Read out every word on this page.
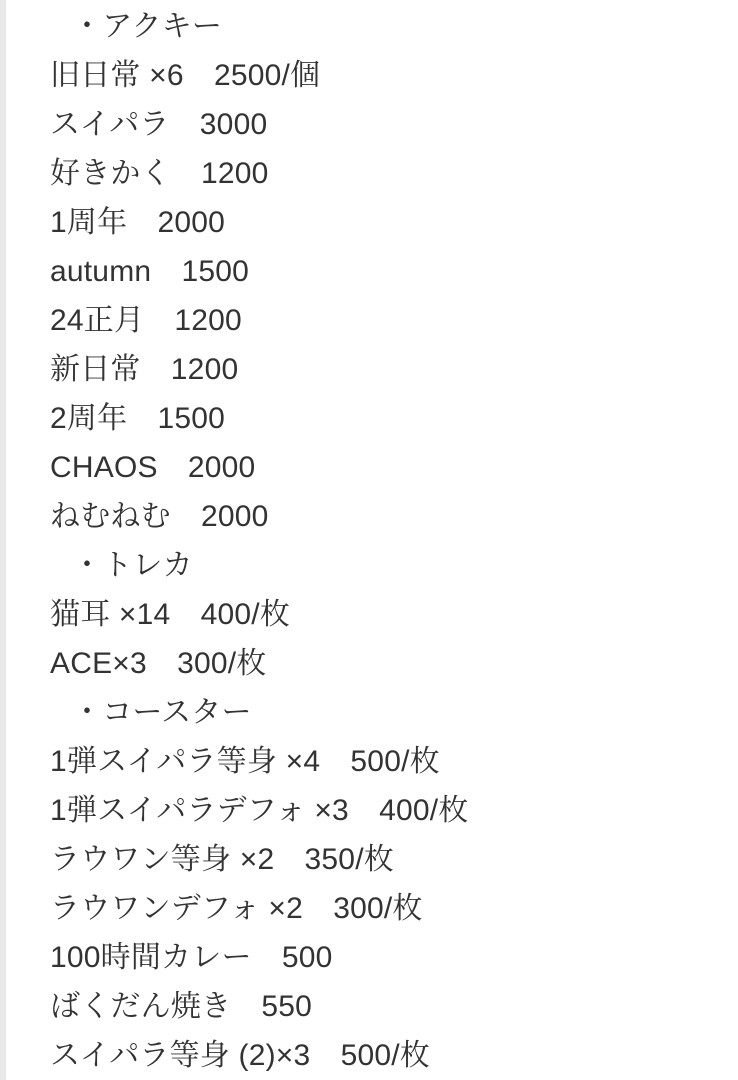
・アクキー
旧日常 ×6　2500/個
スイパラ　3000
好きかく　1200
1周年　2000
autumn　1500
24正月　1200
新日常　1200
2周年　1500
CHAOS　2000
ねむねむ　2000
・トレカ
猫耳 ×14　400/枚
ACE×3　300/枚
・コースター
1弾スイパラ等身 ×4　500/枚
1弾スイパラデフォ ×3　400/枚
ラウワン等身 ×2　350/枚
ラウワンデフォ ×2　300/枚
100時間カレー　500
ばくだん焼き　550
スイパラ等身 (2)×3　500/枚
